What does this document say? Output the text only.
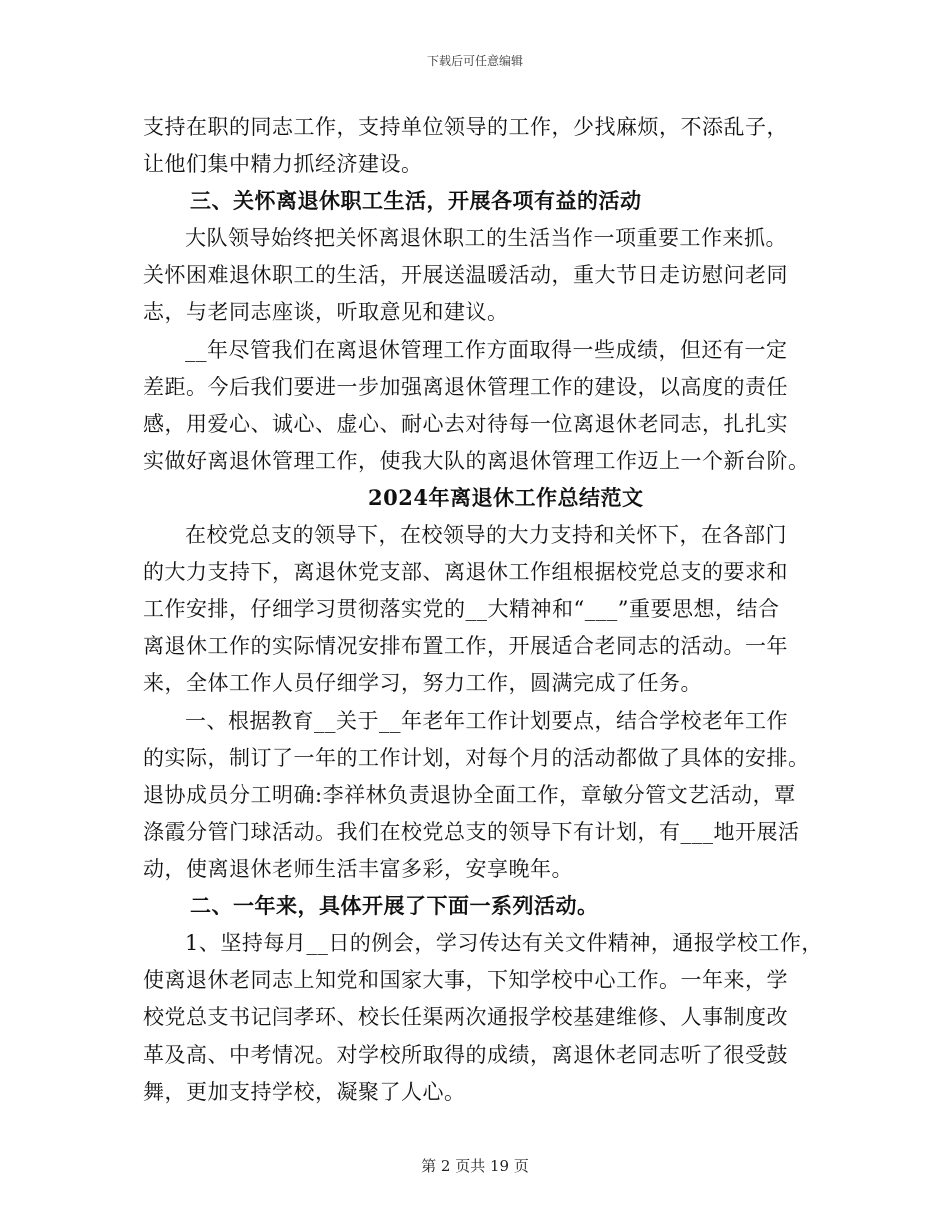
下载后可任意编辑
支持在职的同志工作，支持单位领导的工作，少找麻烦，不添乱子，
让他们集中精力抓经济建设。
三、关怀离退休职工生活，开展各项有益的活动
大队领导始终把关怀离退休职工的生活当作一项重要工作来抓。
关怀困难退休职工的生活，开展送温暖活动，重大节日走访慰问老同
志，与老同志座谈，听取意见和建议。
__年尽管我们在离退休管理工作方面取得一些成绩，但还有一定
差距。今后我们要进一步加强离退休管理工作的建设，以高度的责任
感，用爱心、诚心、虚心、耐心去对待每一位离退休老同志，扎扎实
实做好离退休管理工作，使我大队的离退休管理工作迈上一个新台阶。
2024年离退休工作总结范文
在校党总支的领导下，在校领导的大力支持和关怀下，在各部门
的大力支持下，离退休党支部、离退休工作组根据校党总支的要求和
工作安排，仔细学习贯彻落实党的__大精神和“___”重要思想，结合
离退休工作的实际情况安排布置工作，开展适合老同志的活动。一年
来，全体工作人员仔细学习，努力工作，圆满完成了任务。
一、根据教育__关于__年老年工作计划要点，结合学校老年工作
的实际，制订了一年的工作计划，对每个月的活动都做了具体的安排。
退协成员分工明确:李祥林负责退协全面工作，章敏分管文艺活动，覃
涤霞分管门球活动。我们在校党总支的领导下有计划，有___地开展活
动，使离退休老师生活丰富多彩，安享晚年。
二、一年来，具体开展了下面一系列活动。
1、坚持每月__日的例会，学习传达有关文件精神，通报学校工作，
使离退休老同志上知党和国家大事，下知学校中心工作。一年来，学
校党总支书记闫孝环、校长任渠两次通报学校基建维修、人事制度改
革及高、中考情况。对学校所取得的成绩，离退休老同志听了很受鼓
舞，更加支持学校，凝聚了人心。
第 2 页共 19 页
